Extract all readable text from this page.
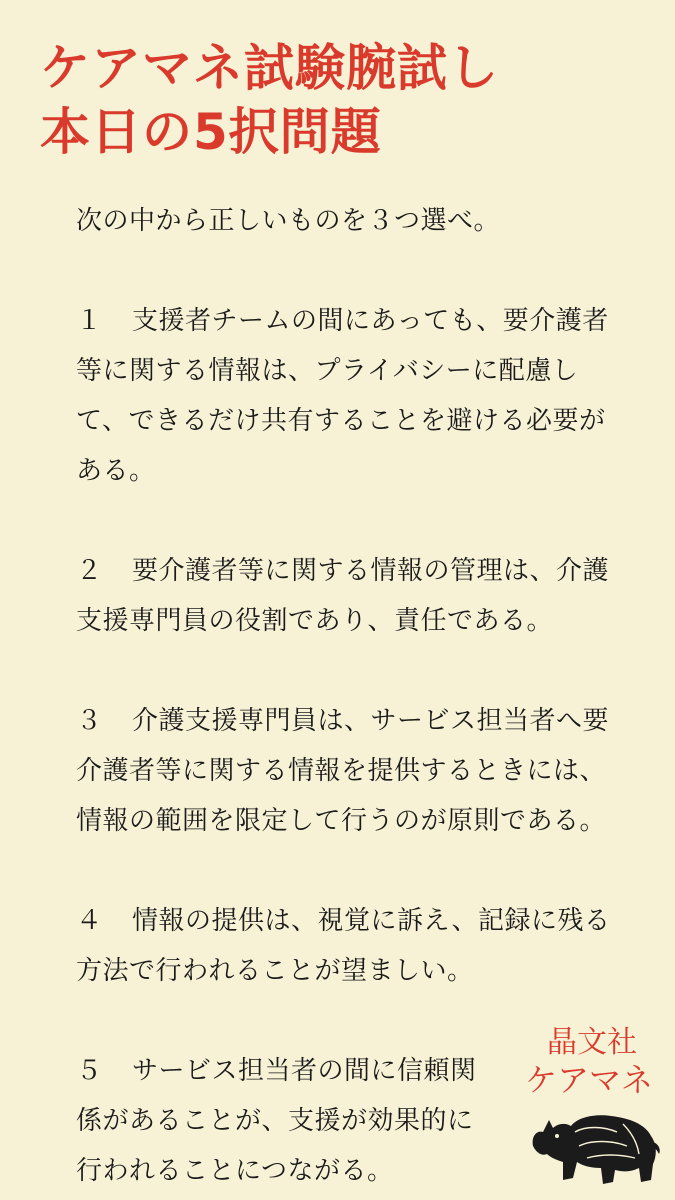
ケアマネ試験腕試し
本日の5択問題

次の中から正しいものを３つ選べ。

１ 支援者チームの間にあっても、要介護者等に関する情報は、プライバシーに配慮して、できるだけ共有することを避ける必要がある。

２ 要介護者等に関する情報の管理は、介護支援専門員の役割であり、責任である。

３ 介護支援専門員は、サービス担当者へ要介護者等に関する情報を提供するときには、情報の範囲を限定して行うのが原則である。

４ 情報の提供は、視覚に訴え、記録に残る方法で行われることが望ましい。

５ サービス担当者の間に信頼関係があることが、支援が効果的に行われることにつながる。

晶文社
ケアマネ
